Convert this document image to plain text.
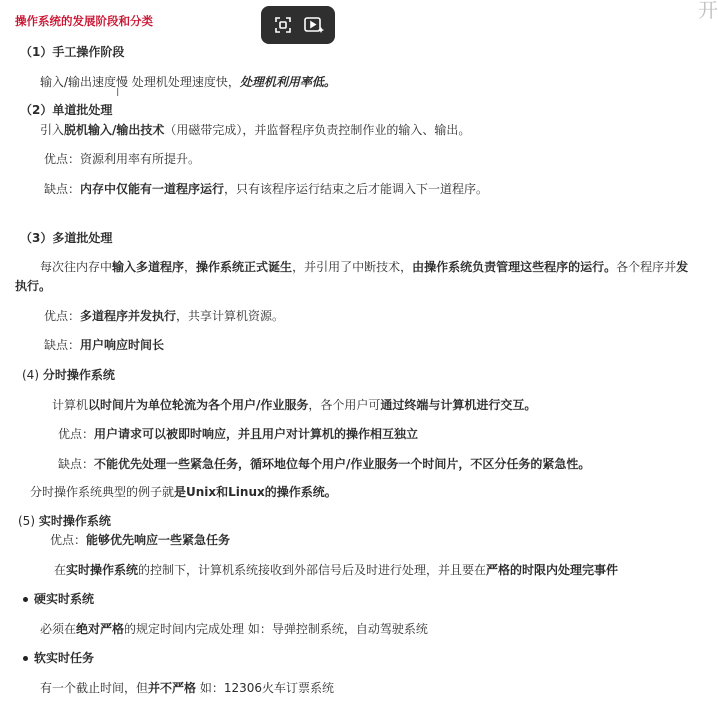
操作系统的发展阶段和分类	开
（1）手工操作阶段
输入/输出速度慢 处理机处理速度快，处理机利用率低。
I
（2）单道批处理
引入脱机输入/输出技术（用磁带完成），并监督程序负责控制作业的输入、输出。
优点：资源利用率有所提升。
缺点：内存中仅能有一道程序运行，只有该程序运行结束之后才能调入下一道程序。
（3）多道批处理
每次往内存中输入多道程序，操作系统正式诞生，并引用了中断技术，由操作系统负责管理这些程序的运行。各个程序并发
执行。
优点：多道程序并发执行，共享计算机资源。
缺点：用户响应时间长
(4) 分时操作系统
计算机以时间片为单位轮流为各个用户/作业服务，各个用户可通过终端与计算机进行交互。
优点：用户请求可以被即时响应，并且用户对计算机的操作相互独立
缺点：不能优先处理一些紧急任务，循环地位每个用户/作业服务一个时间片，不区分任务的紧急性。
分时操作系统典型的例子就是Unix和Linux的操作系统。
(5) 实时操作系统
优点：能够优先响应一些紧急任务
在实时操作系统的控制下，计算机系统接收到外部信号后及时进行处理，并且要在严格的时限内处理完事件
硬实时系统
必须在绝对严格的规定时间内完成处理 如：导弹控制系统，自动驾驶系统
软实时任务
有一个截止时间，但并不严格 如：12306火车订票系统
